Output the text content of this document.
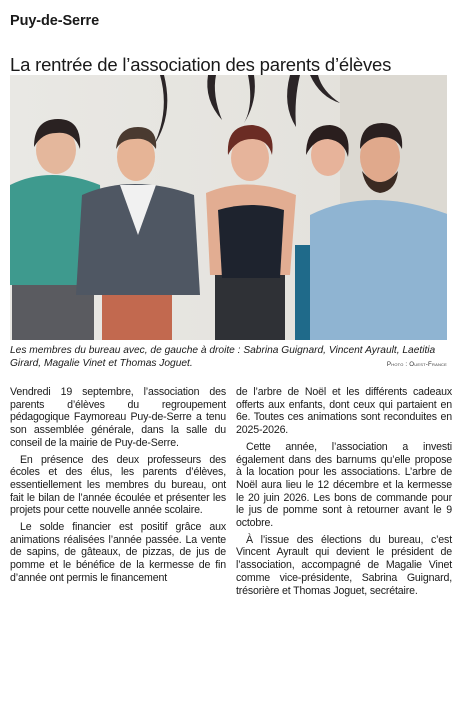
Puy-de-Serre
La rentrée de l’association des parents d’élèves
Les membres du bureau avec, de gauche à droite : Sabrina Guignard, Vincent Ayrault, Laetitia Girard, Magalie Vinet et Thomas Joguet.	Photo : Ouest-France

Vendredi 19 septembre, l’association des parents d’élèves du regroupement pédagogique Faymoreau Puy-de-Serre a tenu son assemblée générale, dans la salle du conseil de la mairie de Puy-de-Serre.

En présence des deux professeurs des écoles et des élus, les parents d’élèves, essentiellement les membres du bureau, ont fait le bilan de l’année écoulée et présenter les projets pour cette nouvelle année scolaire.

Le solde financier est positif grâce aux animations réalisées l’année passée. La vente de sapins, de gâteaux, de pizzas, de jus de pomme et le bénéfice de la kermesse de fin d’année ont permis le financement

de l’arbre de Noël et les différents cadeaux offerts aux enfants, dont ceux qui partaient en 6e. Toutes ces animations sont reconduites en 2025-2026.

Cette année, l’association a investi également dans des barnums qu’elle propose à la location pour les associations. L’arbre de Noël aura lieu le 12 décembre et la kermesse le 20 juin 2026. Les bons de commande pour le jus de pomme sont à retourner avant le 9 octobre.

À l’issue des élections du bureau, c’est Vincent Ayrault qui devient le président de l’association, accompagné de Magalie Vinet comme vice-présidente, Sabrina Guignard, trésorière et Thomas Joguet, secrétaire.
